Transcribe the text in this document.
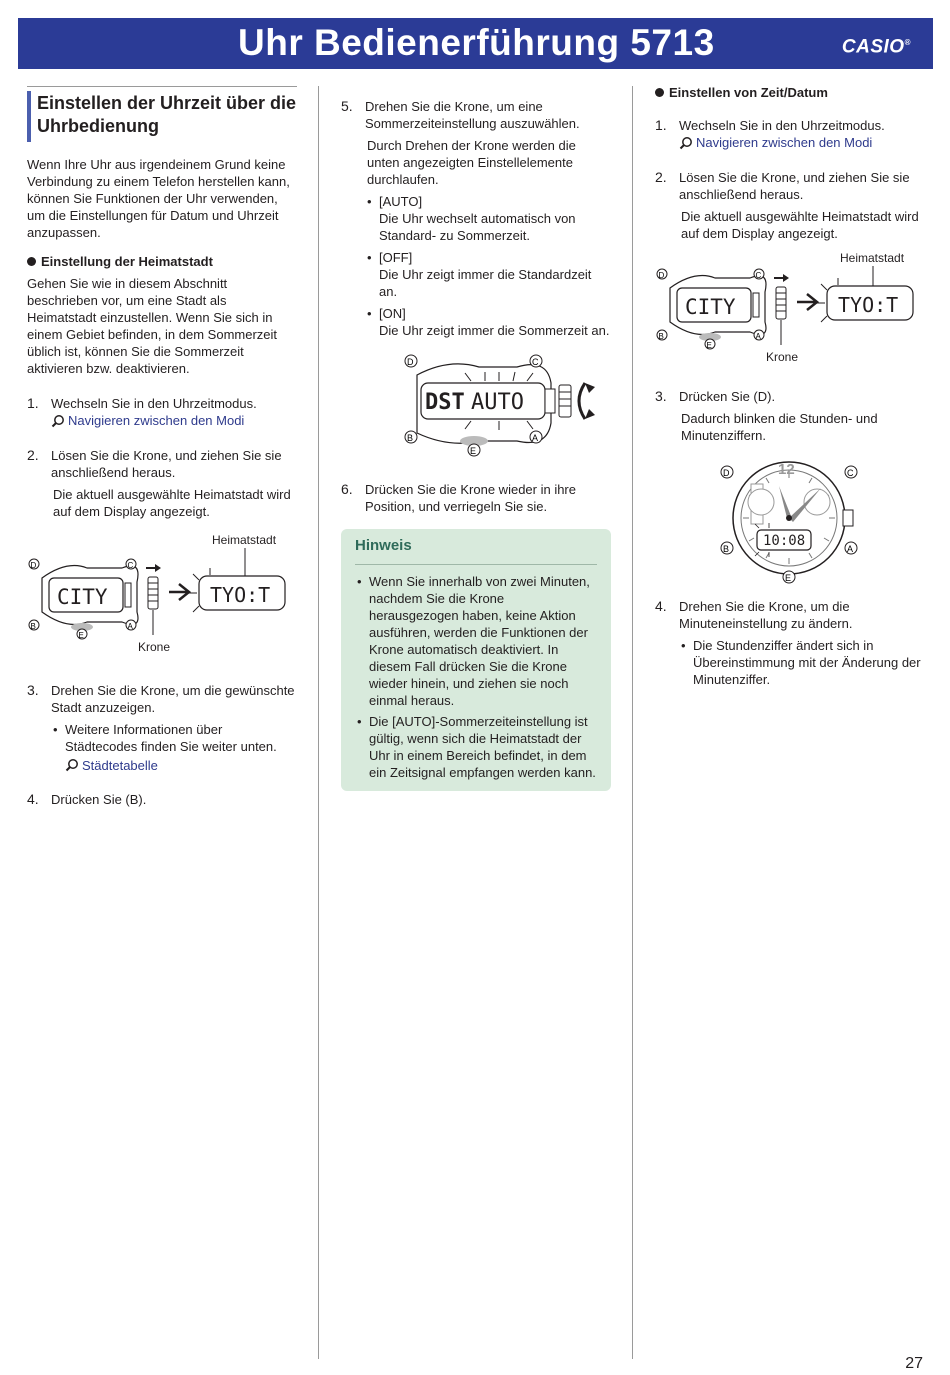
Uhr Bedienerführung 5713	CASIO®
Einstellen der Uhrzeit über die Uhrbedienung

Wenn Ihre Uhr aus irgendeinem Grund keine Verbindung zu einem Telefon herstellen kann, können Sie Funktionen der Uhr verwenden, um die Einstellungen für Datum und Uhrzeit anzupassen.

Einstellung der Heimatstadt

Gehen Sie wie in diesem Abschnitt beschrieben vor, um eine Stadt als Heimatstadt einzustellen. Wenn Sie sich in einem Gebiet befinden, in dem Sommerzeit üblich ist, können Sie die Sommerzeit aktivieren bzw. deaktivieren.

1. Wechseln Sie in den Uhrzeitmodus.
Navigieren zwischen den Modi
2. Lösen Sie die Krone, und ziehen Sie sie anschließend heraus.
Die aktuell ausgewählte Heimatstadt wird auf dem Display angezeigt.
Heimatstadt
CITY
Krone
TYO:T
D	C
B	A
E
3. Drehen Sie die Krone, um die gewünschte Stadt anzuzeigen.
• Weitere Informationen über Städtecodes finden Sie weiter unten.
Städtetabelle
4. Drücken Sie (B).
5. Drehen Sie die Krone, um eine Sommerzeiteinstellung auszuwählen.
Durch Drehen der Krone werden die unten angezeigten Einstellelemente durchlaufen.
• [AUTO]
Die Uhr wechselt automatisch von Standard- zu Sommerzeit.
• [OFF]
Die Uhr zeigt immer die Standardzeit an.
• [ON]
Die Uhr zeigt immer die Sommerzeit an.
DST AUTO
D	C
B	A
E
6. Drücken Sie die Krone wieder in ihre Position, und verriegeln Sie sie.
Hinweis
• Wenn Sie innerhalb von zwei Minuten, nachdem Sie die Krone herausgezogen haben, keine Aktion ausführen, werden die Funktionen der Krone automatisch deaktiviert. In diesem Fall drücken Sie die Krone wieder hinein, und ziehen sie noch einmal heraus.
• Die [AUTO]-Sommerzeiteinstellung ist gültig, wenn sich die Heimatstadt der Uhr in einem Bereich befindet, in dem ein Zeitsignal empfangen werden kann.
Einstellen von Zeit/Datum
1. Wechseln Sie in den Uhrzeitmodus.
Navigieren zwischen den Modi
2. Lösen Sie die Krone, und ziehen Sie sie anschließend heraus.
Die aktuell ausgewählte Heimatstadt wird auf dem Display angezeigt.
Heimatstadt
CITY
Krone
TYO:T
D	C
B	A
E
3. Drücken Sie (D).
Dadurch blinken die Stunden- und Minutenziffern.
12
10:08
D	C
B	A
E
4. Drehen Sie die Krone, um die Minuteneinstellung zu ändern.
• Die Stundenziffer ändert sich in Übereinstimmung mit der Änderung der Minutenziffer.
27
